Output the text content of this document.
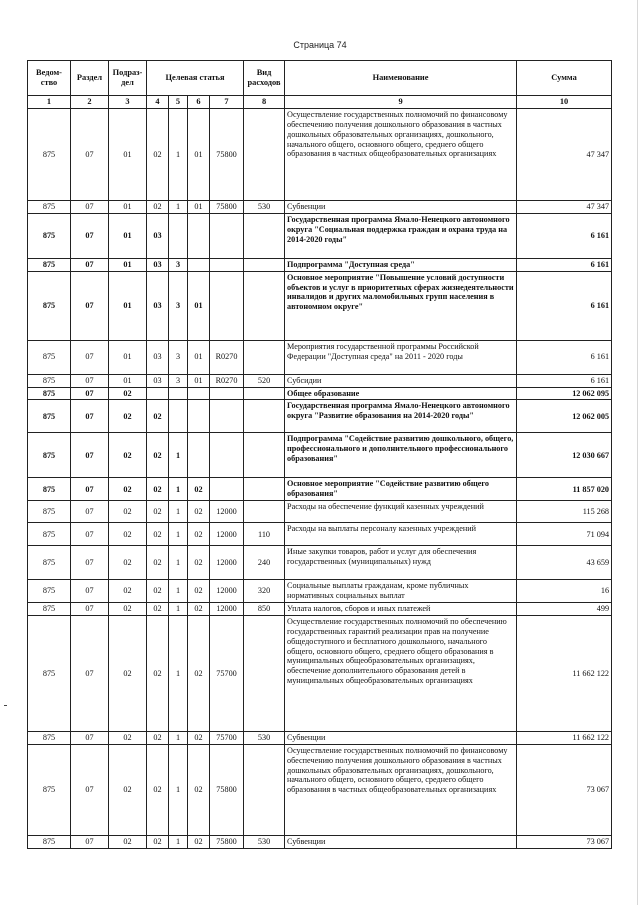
Страница 74
Ведом-ство	Раздел	Подраз-дел	Целевая статья				Вид расходов	Наименование	Сумма
1	2	3	4	5	6	7	8	9	10
875	07	01	02	1	01	75800		Осуществление государственных полномочий по финансовому обеспечению получения дошкольного образования в частных дошкольных образовательных организациях, дошкольного, начального общего, основного общего, среднего общего образования в частных общеобразовательных организациях	47 347
875	07	01	02	1	01	75800	530	Субвенции	47 347
875	07	01	03					Государственная программа Ямало-Ненецкого автономного округа "Социальная поддержка граждан и охрана труда на 2014-2020 годы"	6 161
875	07	01	03	3				Подпрограмма "Доступная среда"	6 161
875	07	01	03	3	01			Основное мероприятие "Повышение условий доступности объектов и услуг в приоритетных сферах жизнедеятельности инвалидов и других маломобильных групп населения в автономном округе"	6 161
875	07	01	03	3	01	R0270		Мероприятия государственной программы Российской Федерации "Доступная среда" на 2011 - 2020 годы	6 161
875	07	01	03	3	01	R0270	520	Субсидии	6 161
875	07	02						Общее образование	12 062 095
875	07	02	02					Государственная программа Ямало-Ненецкого автономного округа "Развитие образования на 2014-2020 годы"	12 062 005
875	07	02	02	1				Подпрограмма "Содействие развитию дошкольного, общего, профессионального и дополнительного профессионального образования"	12 030 667
875	07	02	02	1	02			Основное мероприятие "Содействие развитию общего образования"	11 857 020
875	07	02	02	1	02	12000		Расходы на обеспечение функций казенных учреждений	115 268
875	07	02	02	1	02	12000	110	Расходы на выплаты персоналу казенных учреждений	71 094
875	07	02	02	1	02	12000	240	Иные закупки товаров, работ и услуг для обеспечения государственных (муниципальных) нужд	43 659
875	07	02	02	1	02	12000	320	Социальные выплаты гражданам, кроме публичных нормативных социальных выплат	16
875	07	02	02	1	02	12000	850	Уплата налогов, сборов и иных платежей	499
875	07	02	02	1	02	75700		Осуществление государственных полномочий по обеспечению государственных гарантий реализации прав на получение общедоступного и бесплатного дошкольного, начального общего, основного общего, среднего общего образования в муниципальных общеобразовательных организациях, обеспечение дополнительного образования детей в муниципальных общеобразовательных организациях	11 662 122
875	07	02	02	1	02	75700	530	Субвенции	11 662 122
875	07	02	02	1	02	75800		Осуществление государственных полномочий по финансовому обеспечению получения дошкольного образования в частных дошкольных образовательных организациях, дошкольного, начального общего, основного общего, среднего общего образования в частных общеобразовательных организациях	73 067
875	07	02	02	1	02	75800	530	Субвенции	73 067
